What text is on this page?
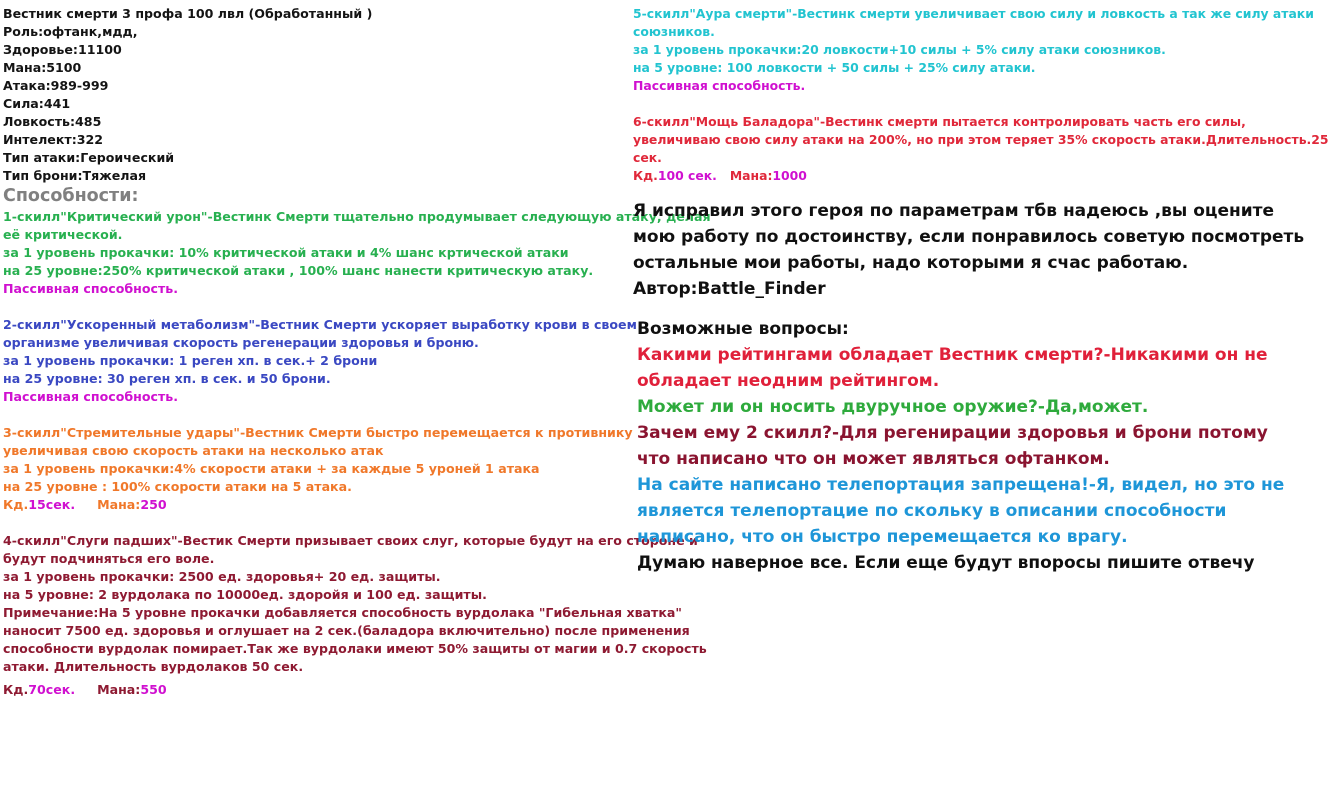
Вестник смерти 3 профа 100 лвл (Обработанный )
Роль:офтанк,мдд,
Здоровье:11100
Мана:5100
Атака:989-999
Сила:441
Ловкость:485
Интелект:322
Тип атаки:Героический
Тип брони:Тяжелая
Способности:
1-скилл"Критический урон"-Вестинк Смерти тщательно продумывает следующую атаку, делая
её критической.
за 1 уровень прокачки: 10% критической атаки и 4% шанс кртической атаки
на 25 уровне:250% критической атаки , 100% шанс нанести критическую атаку.
Пассивная способность.
2-скилл"Ускоренный метаболизм"-Вестник Смерти ускоряет выработку крови в своем
организме увеличивая скорость регенерации здоровья и броню.
за 1 уровень прокачки: 1 реген хп. в сек.+ 2 брони
на 25 уровне: 30 реген хп. в сек. и 50 брони.
Пассивная способность.
3-скилл"Стремительные удары"-Вестник Смерти быстро перемещается к противнику
увеличивая свою скорость атаки на несколько атак
за 1 уровень прокачки:4% скорости атаки + за каждые 5 уроней 1 атака
на 25 уровне : 100% скорости атаки на 5 атака.
Кд.15сек. Мана:250
4-скилл"Слуги падших"-Вестик Смерти призывает своих слуг, которые будут на его стороне и
будут подчиняться его воле.
за 1 уровень прокачки: 2500 ед. здоровья+ 20 ед. защиты.
на 5 уровне: 2 вурдолака по 10000ед. здоройя и 100 ед. защиты.
Примечание:На 5 уровне прокачки добавляется способность вурдолака "Гибельная хватка"
наносит 7500 ед. здоровья и оглушает на 2 сек.(баладора включительно) после применения
способности вурдолак помирает.Так же вурдолаки имеют 50% защиты от магии и 0.7 скорость
атаки. Длительность вурдолаков 50 сек.
Кд.70сек. Мана:550
5-скилл"Аура смерти"-Вестинк смерти увеличивает свою силу и ловкость а так же силу атаки
союзников.
за 1 уровень прокачки:20 ловкости+10 силы + 5% силу атаки союзников.
на 5 уровне: 100 ловкости + 50 силы + 25% силу атаки.
Пассивная способность.
6-скилл"Мощь Баладора"-Вестинк смерти пытается контролировать часть его силы,
увеличиваю свою силу атаки на 200%, но при этом теряет 35% скорость атаки.Длительность.25
сек.
Кд.100 сек. Мана:1000
Я исправил этого героя по параметрам тбв надеюсь ,вы оцените
мою работу по достоинству, если понравилось советую посмотреть
остальные мои работы, надо которыми я счас работаю.
Автор:Battle_Finder
Возможные вопросы:
Какими рейтингами обладает Вестник смерти?-Никакими он не
обладает неодним рейтингом.
Может ли он носить двуручное оружие?-Да,может.
Зачем ему 2 скилл?-Для регенирации здоровья и брони потому
что написано что он может являться офтанком.
На сайте написано телепортация запрещена!-Я, видел, но это не
является телепортацие по скольку в описании способности
написано, что он быстро перемещается ко врагу.
Думаю наверное все. Если еще будут впоросы пишите отвечу
